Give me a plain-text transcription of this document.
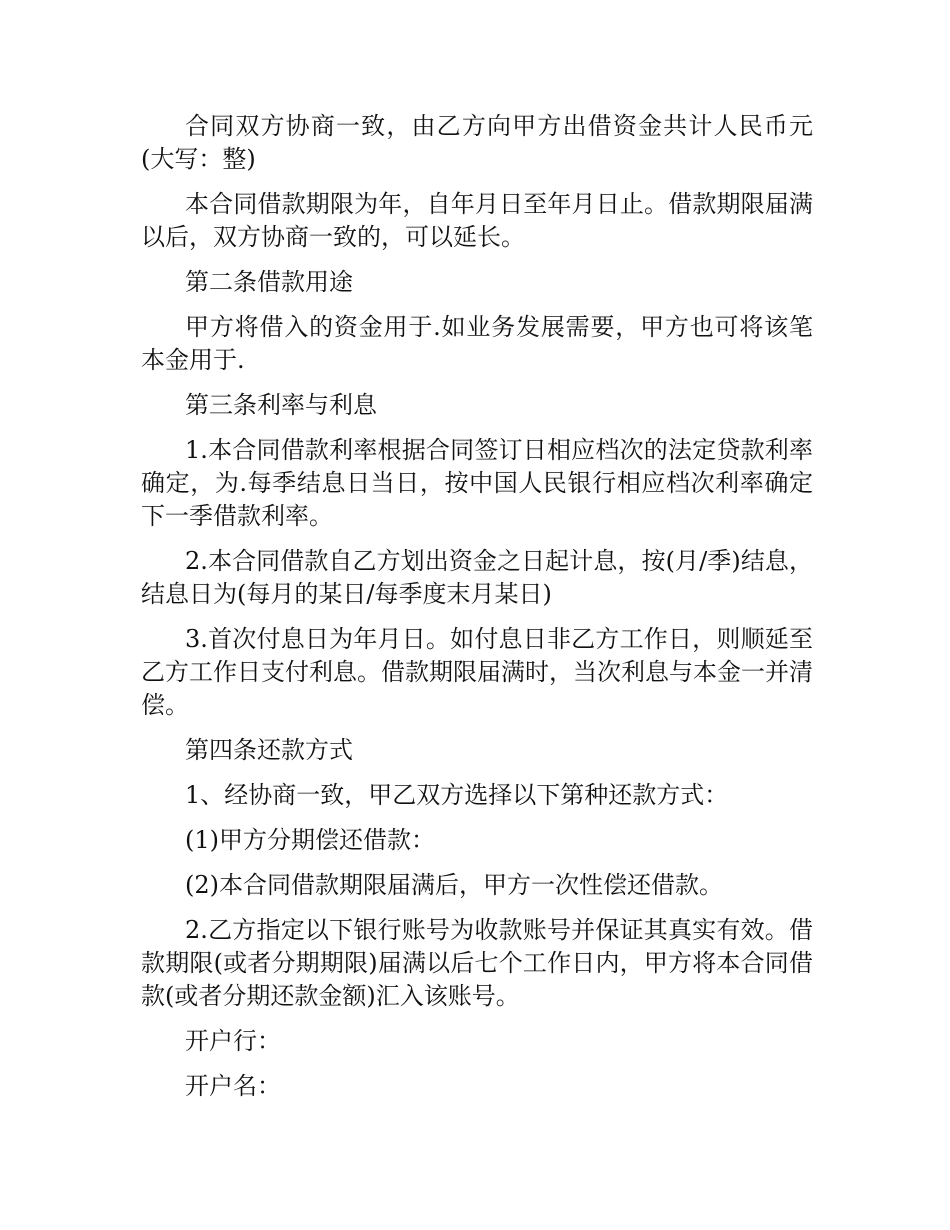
合同双方协商一致，由乙方向甲方出借资金共计人民币元(大写：整)

本合同借款期限为年，自年月日至年月日止。借款期限届满以后，双方协商一致的，可以延长。

第二条借款用途

甲方将借入的资金用于.如业务发展需要，甲方也可将该笔本金用于.

第三条利率与利息

1.本合同借款利率根据合同签订日相应档次的法定贷款利率确定，为.每季结息日当日，按中国人民银行相应档次利率确定下一季借款利率。

2.本合同借款自乙方划出资金之日起计息，按(月/季)结息，结息日为(每月的某日/每季度末月某日)

3.首次付息日为年月日。如付息日非乙方工作日，则顺延至乙方工作日支付利息。借款期限届满时，当次利息与本金一并清偿。

第四条还款方式

1、经协商一致，甲乙双方选择以下第种还款方式：

(1)甲方分期偿还借款：

(2)本合同借款期限届满后，甲方一次性偿还借款。

2.乙方指定以下银行账号为收款账号并保证其真实有效。借款期限(或者分期期限)届满以后七个工作日内，甲方将本合同借款(或者分期还款金额)汇入该账号。

开户行：

开户名：
